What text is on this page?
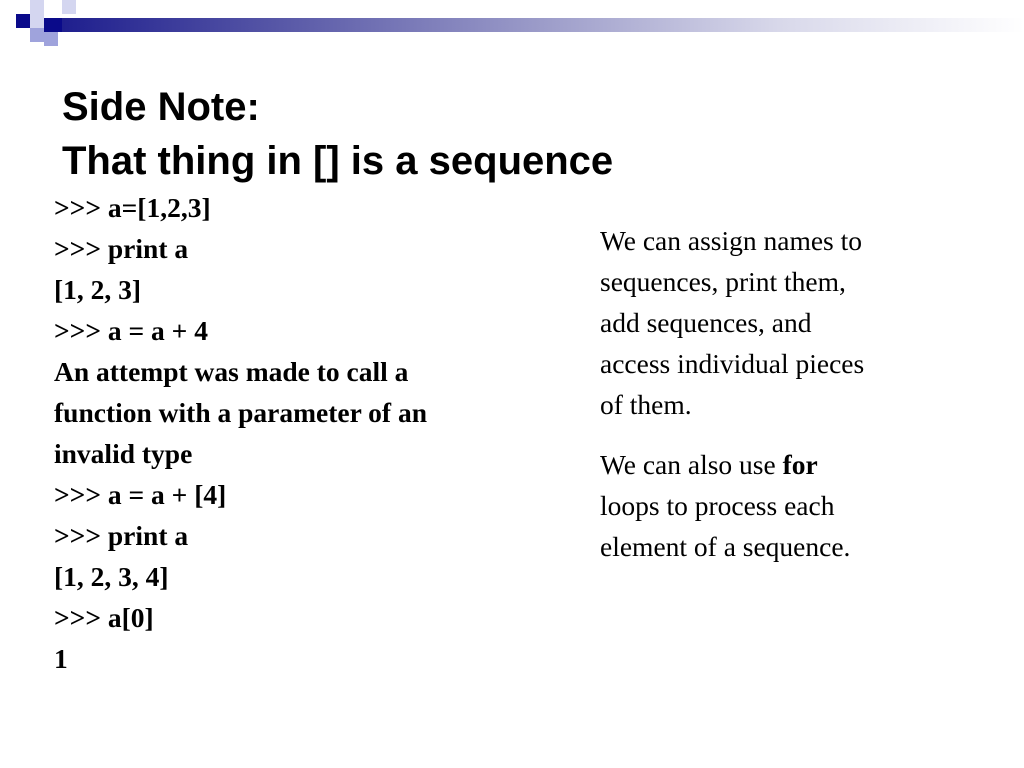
Side Note:
That thing in [] is a sequence
>>> a=[1,2,3]
>>> print a
[1, 2, 3]
>>> a = a + 4
An attempt was made to call a
function with a parameter of an
invalid type
>>> a = a + [4]
>>> print a
[1, 2, 3, 4]
>>> a[0]
1

We can assign names to
sequences, print them,
add sequences, and
access individual pieces
of them.

We can also use for
loops to process each
element of a sequence.
